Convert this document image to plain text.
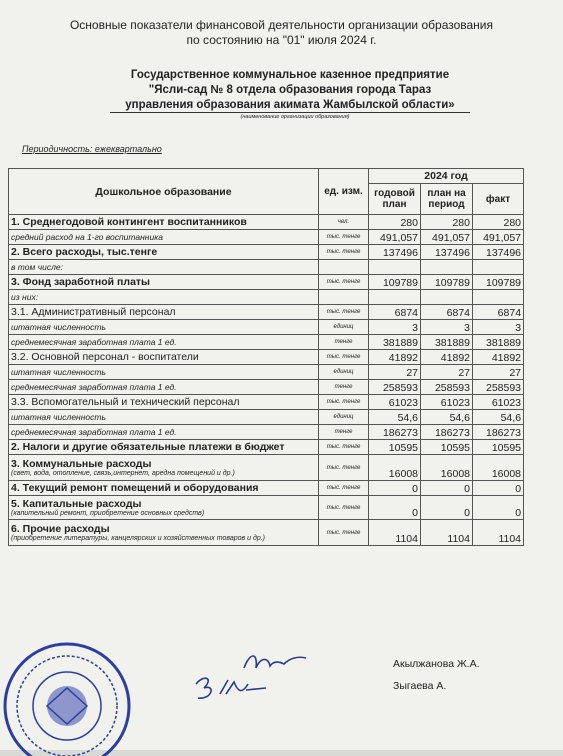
Основные показатели финансовой деятельности организации образования
по состоянию на "01" июля 2024 г.
Государственное коммунальное казенное предприятие
"Ясли-сад № 8 отдела образования города Тараз
управления образования акимата Жамбылской области»
(наименование организации образования)
Периодичность: ежеквартально
Дошкольное образование	ед. изм.	2024 год		
		годовой план	план на период	факт
1. Среднегодовой контингент воспитанников	чел.	280	280	280
средний расход на 1-го воспитанника	тыс. тенге	491,057	491,057	491,057
2. Всего расходы, тыс.тенге	тыс. тенге	137496	137496	137496
в том числе:				
3. Фонд заработной платы	тыс. тенге	109789	109789	109789
из них:				
3.1. Административный персонал	тыс. тенге	6874	6874	6874
штатная численность	единиц	3	3	3
среднемесячная заработная плата 1 ед.	тенге	381889	381889	381889
3.2. Основной персонал - воспитатели	тыс. тенге	41892	41892	41892
штатная численность	единиц	27	27	27
среднемесячная заработная плата 1 ед.	тенге	258593	258593	258593
3.3. Вспомогательный и технический персонал	тыс. тенге	61023	61023	61023
штатная численность	единиц	54,6	54,6	54,6
среднемесячная заработная плата 1 ед.	тенге	186273	186273	186273
2. Налоги и другие обязательные платежи в бюджет	тыс. тенге	10595	10595	10595
3. Коммунальные расходы
(свет, вода, отопление, связь,интернет, аредна помещений и др.)	тыс. тенге	16008	16008	16008
4. Текущий ремонт помещений и оборудования	тыс. тенге	0	0	0
5. Капитальные расходы
(капительный ремонт, приобретение основных средств)	тыс. тенге	0	0	0
6. Прочие расходы
(приобретение литературы, канцелярских и хозяйственных товаров и др.)	тыс. тенге	1104	1104	1104
Акылжанова Ж.А.
Зыгаева А.
